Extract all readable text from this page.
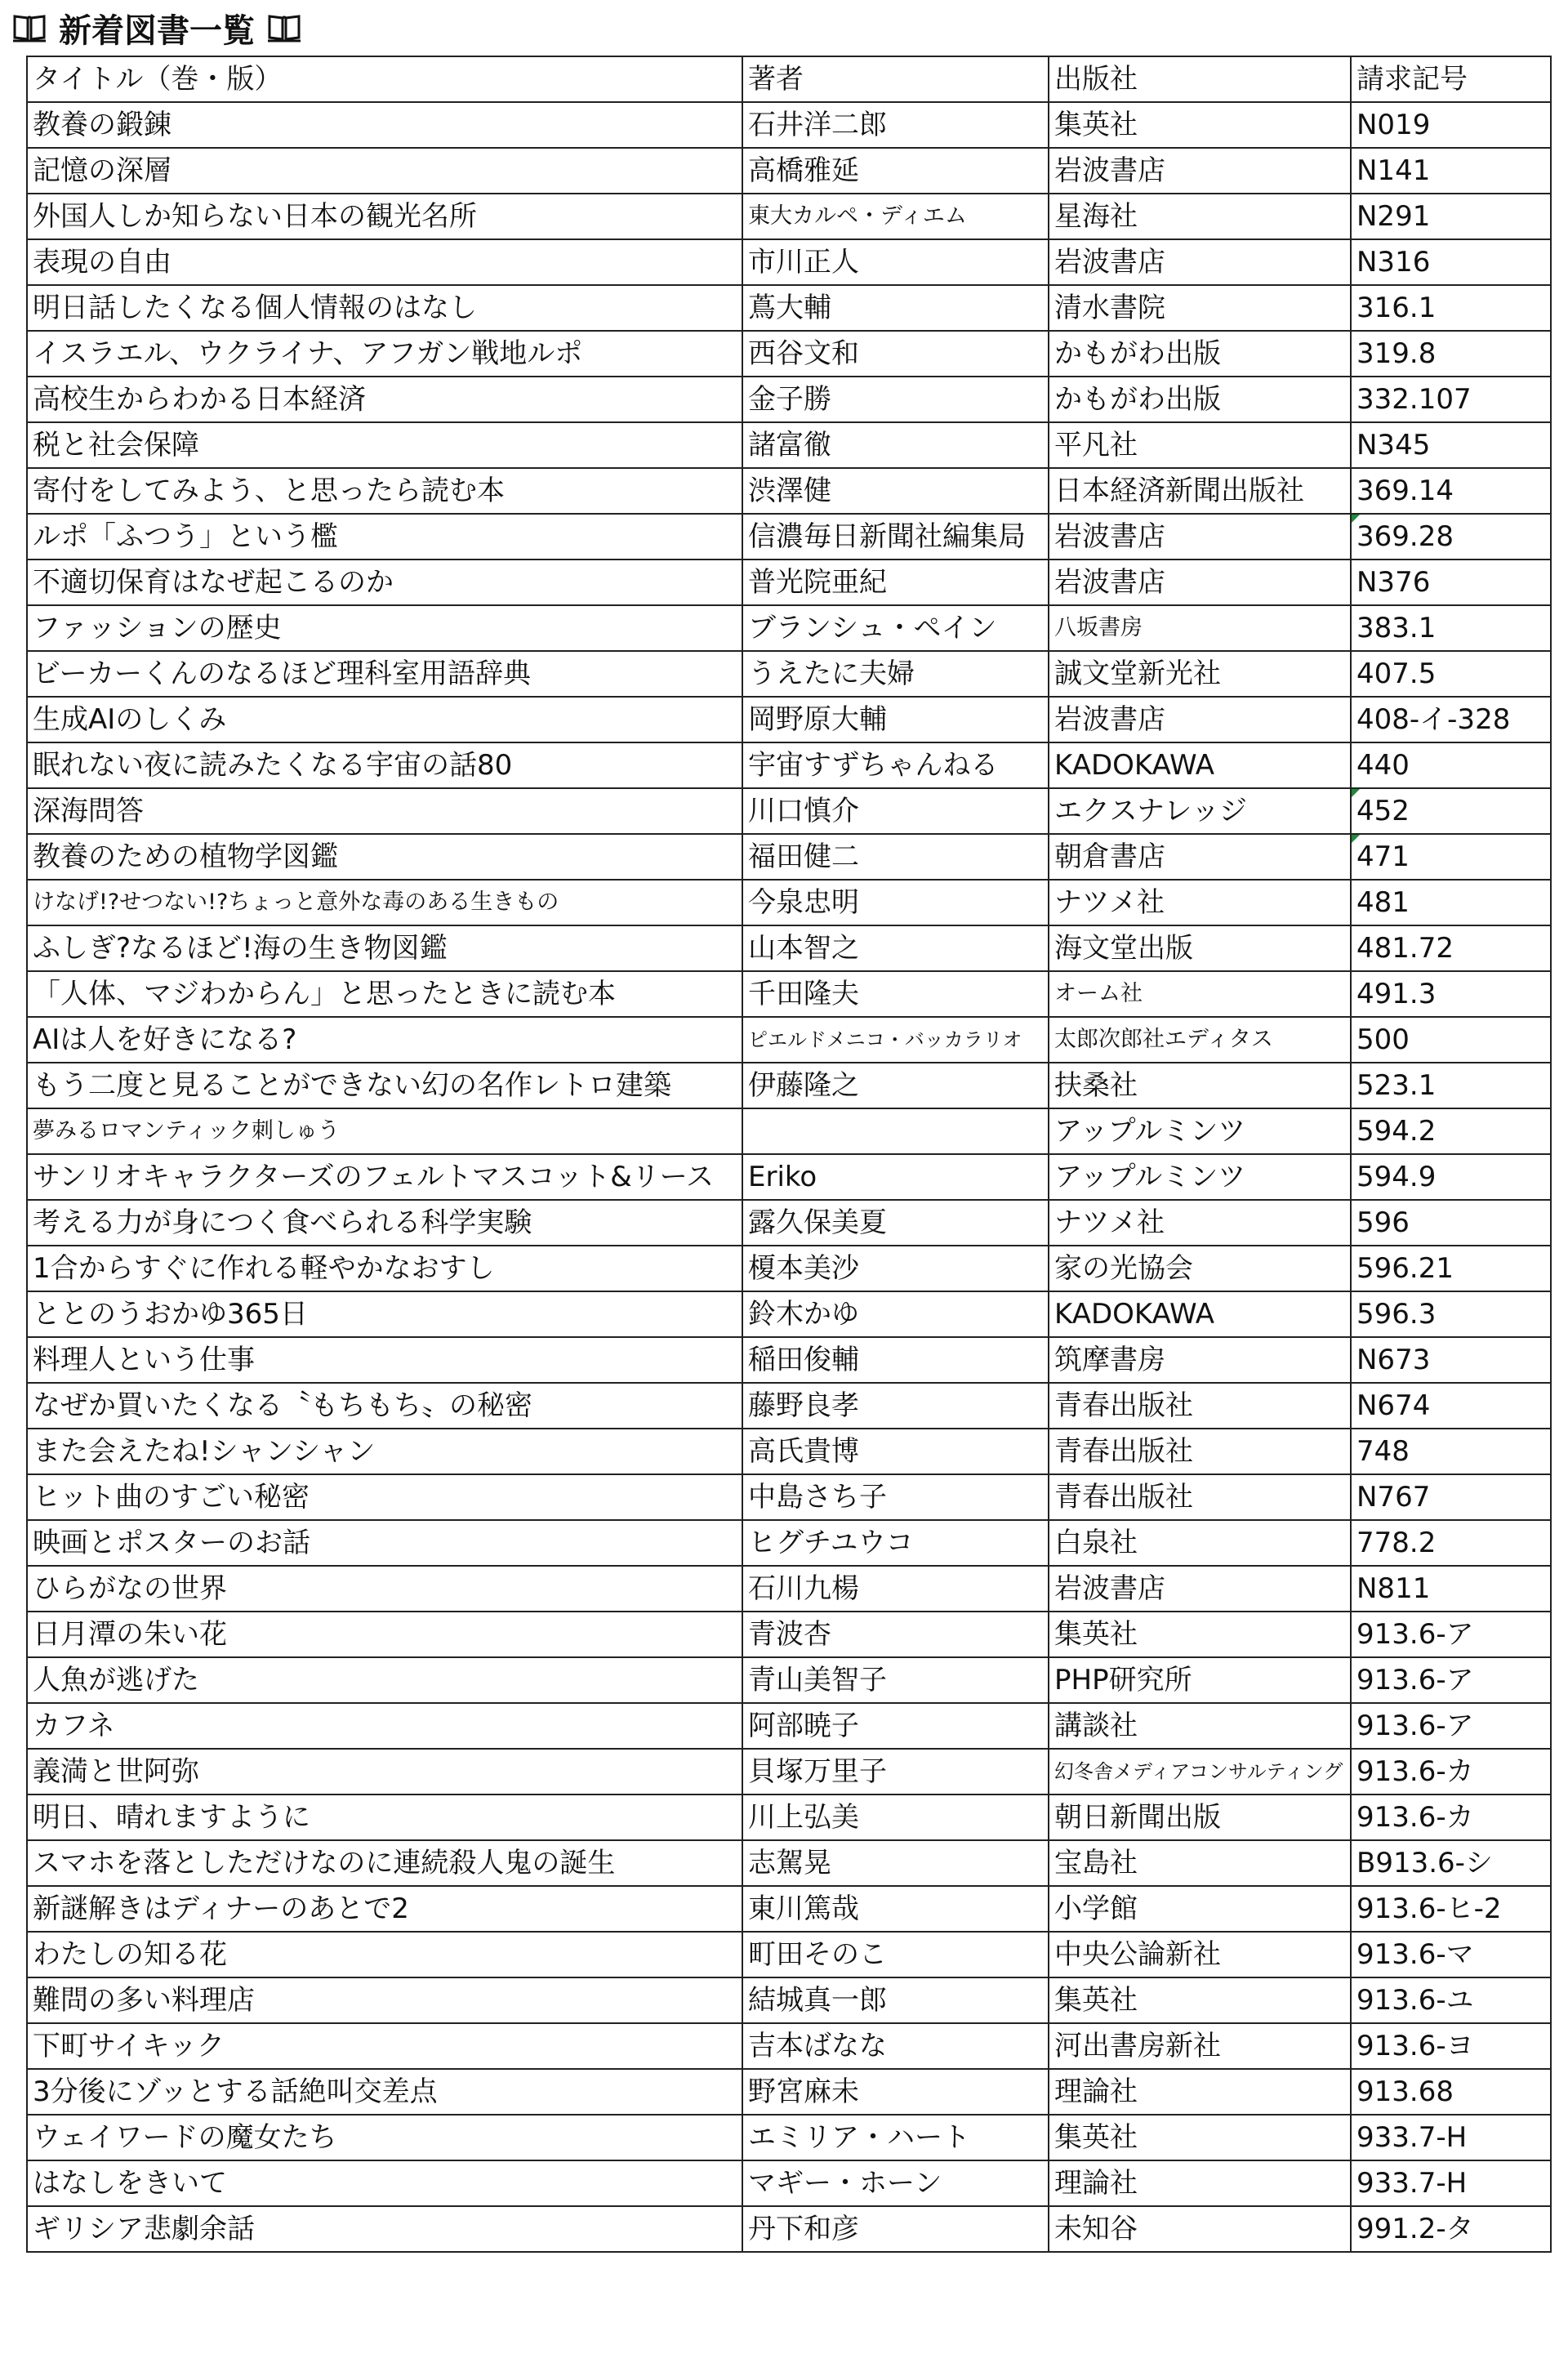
新着図書一覧
タイトル（巻・版）	著者	出版社	請求記号
教養の鍛錬	石井洋二郎	集英社	N019
記憶の深層	高橋雅延	岩波書店	N141
外国人しか知らない日本の観光名所	東大カルペ・ディエム	星海社	N291
表現の自由	市川正人	岩波書店	N316
明日話したくなる個人情報のはなし	蔦大輔	清水書院	316.1
イスラエル、ウクライナ、アフガン戦地ルポ	西谷文和	かもがわ出版	319.8
高校生からわかる日本経済	金子勝	かもがわ出版	332.107
税と社会保障	諸富徹	平凡社	N345
寄付をしてみよう、と思ったら読む本	渋澤健	日本経済新聞出版社	369.14
ルポ「ふつう」という檻	信濃毎日新聞社編集局	岩波書店	369.28
不適切保育はなぜ起こるのか	普光院亜紀	岩波書店	N376
ファッションの歴史	ブランシュ・ペイン	八坂書房	383.1
ビーカーくんのなるほど理科室用語辞典	うえたに夫婦	誠文堂新光社	407.5
生成AIのしくみ	岡野原大輔	岩波書店	408-イ-328
眠れない夜に読みたくなる宇宙の話80	宇宙すずちゃんねる	KADOKAWA	440
深海問答	川口慎介	エクスナレッジ	452
教養のための植物学図鑑	福田健二	朝倉書店	471
けなげ!?せつない!?ちょっと意外な毒のある生きもの	今泉忠明	ナツメ社	481
ふしぎ?なるほど!海の生き物図鑑	山本智之	海文堂出版	481.72
「人体、マジわからん」と思ったときに読む本	千田隆夫	オーム社	491.3
AIは人を好きになる?	ピエルドメニコ・バッカラリオ	太郎次郎社エディタス	500
もう二度と見ることができない幻の名作レトロ建築	伊藤隆之	扶桑社	523.1
夢みるロマンティック刺しゅう		アップルミンツ	594.2
サンリオキャラクターズのフェルトマスコット&リース	Eriko	アップルミンツ	594.9
考える力が身につく食べられる科学実験	露久保美夏	ナツメ社	596
1合からすぐに作れる軽やかなおすし	榎本美沙	家の光協会	596.21
ととのうおかゆ365日	鈴木かゆ	KADOKAWA	596.3
料理人という仕事	稲田俊輔	筑摩書房	N673
なぜか買いたくなる〝もちもち〟の秘密	藤野良孝	青春出版社	N674
また会えたね!シャンシャン	高氏貴博	青春出版社	748
ヒット曲のすごい秘密	中島さち子	青春出版社	N767
映画とポスターのお話	ヒグチユウコ	白泉社	778.2
ひらがなの世界	石川九楊	岩波書店	N811
日月潭の朱い花	青波杏	集英社	913.6-ア
人魚が逃げた	青山美智子	PHP研究所	913.6-ア
カフネ	阿部暁子	講談社	913.6-ア
義満と世阿弥	貝塚万里子	幻冬舎メディアコンサルティング	913.6-カ
明日、晴れますように	川上弘美	朝日新聞出版	913.6-カ
スマホを落としただけなのに連続殺人鬼の誕生	志駕晃	宝島社	B913.6-シ
新謎解きはディナーのあとで2	東川篤哉	小学館	913.6-ヒ-2
わたしの知る花	町田そのこ	中央公論新社	913.6-マ
難問の多い料理店	結城真一郎	集英社	913.6-ユ
下町サイキック	吉本ばなな	河出書房新社	913.6-ヨ
3分後にゾッとする話絶叫交差点	野宮麻未	理論社	913.68
ウェイワードの魔女たち	エミリア・ハート	集英社	933.7-H
はなしをきいて	マギー・ホーン	理論社	933.7-H
ギリシア悲劇余話	丹下和彦	未知谷	991.2-タ
